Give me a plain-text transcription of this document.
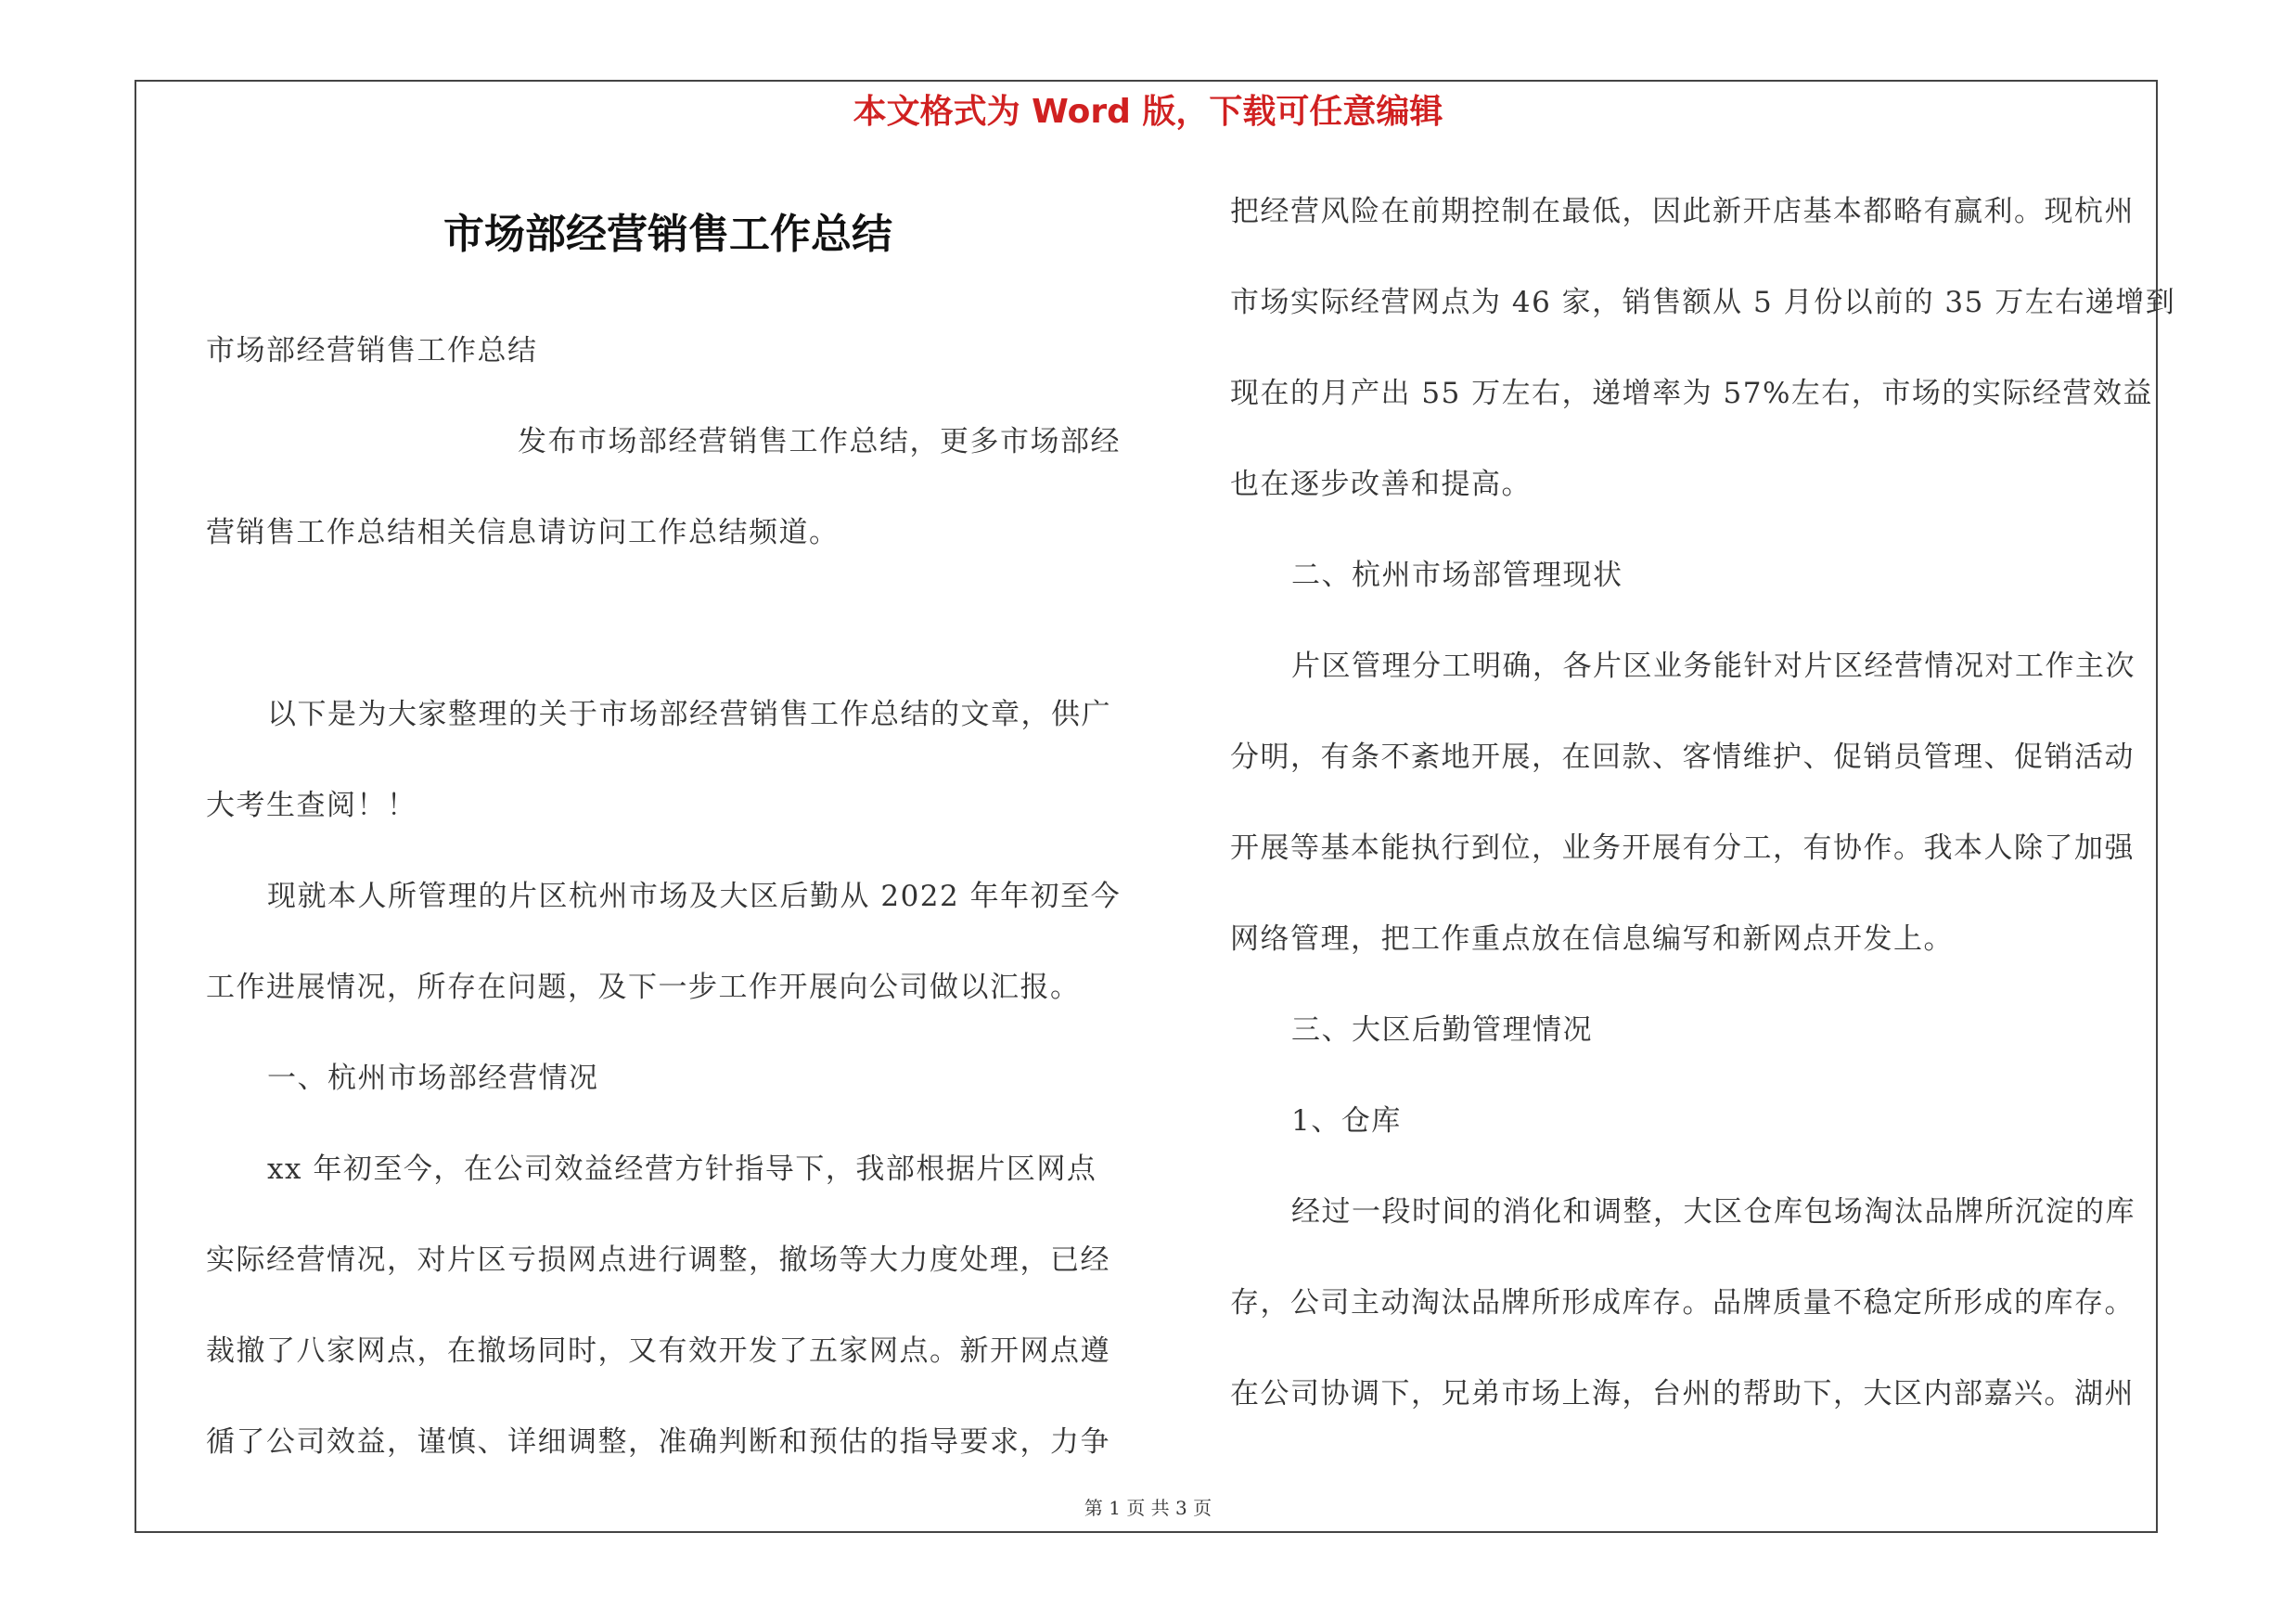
本文格式为 Word 版，下载可任意编辑
市场部经营销售工作总结
市场部经营销售工作总结
发布市场部经营销售工作总结，更多市场部经
营销售工作总结相关信息请访问工作总结频道。
以下是为大家整理的关于市场部经营销售工作总结的文章，供广
大考生查阅！！
现就本人所管理的片区杭州市场及大区后勤从 2022 年年初至今
工作进展情况，所存在问题，及下一步工作开展向公司做以汇报。
一、杭州市场部经营情况
xx 年初至今，在公司效益经营方针指导下，我部根据片区网点
实际经营情况，对片区亏损网点进行调整，撤场等大力度处理，已经
裁撤了八家网点，在撤场同时，又有效开发了五家网点。新开网点遵
循了公司效益，谨慎、详细调整，准确判断和预估的指导要求，力争
把经营风险在前期控制在最低，因此新开店基本都略有赢利。现杭州
市场实际经营网点为 46 家，销售额从 5 月份以前的 35 万左右递增到
现在的月产出 55 万左右，递增率为 57%左右，市场的实际经营效益
也在逐步改善和提高。
二、杭州市场部管理现状
片区管理分工明确，各片区业务能针对片区经营情况对工作主次
分明，有条不紊地开展，在回款、客情维护、促销员管理、促销活动
开展等基本能执行到位，业务开展有分工，有协作。我本人除了加强
网络管理，把工作重点放在信息编写和新网点开发上。
三、大区后勤管理情况
1、仓库
经过一段时间的消化和调整，大区仓库包场淘汰品牌所沉淀的库
存，公司主动淘汰品牌所形成库存。品牌质量不稳定所形成的库存。
在公司协调下，兄弟市场上海，台州的帮助下，大区内部嘉兴。湖州
第 1 页 共 3 页
